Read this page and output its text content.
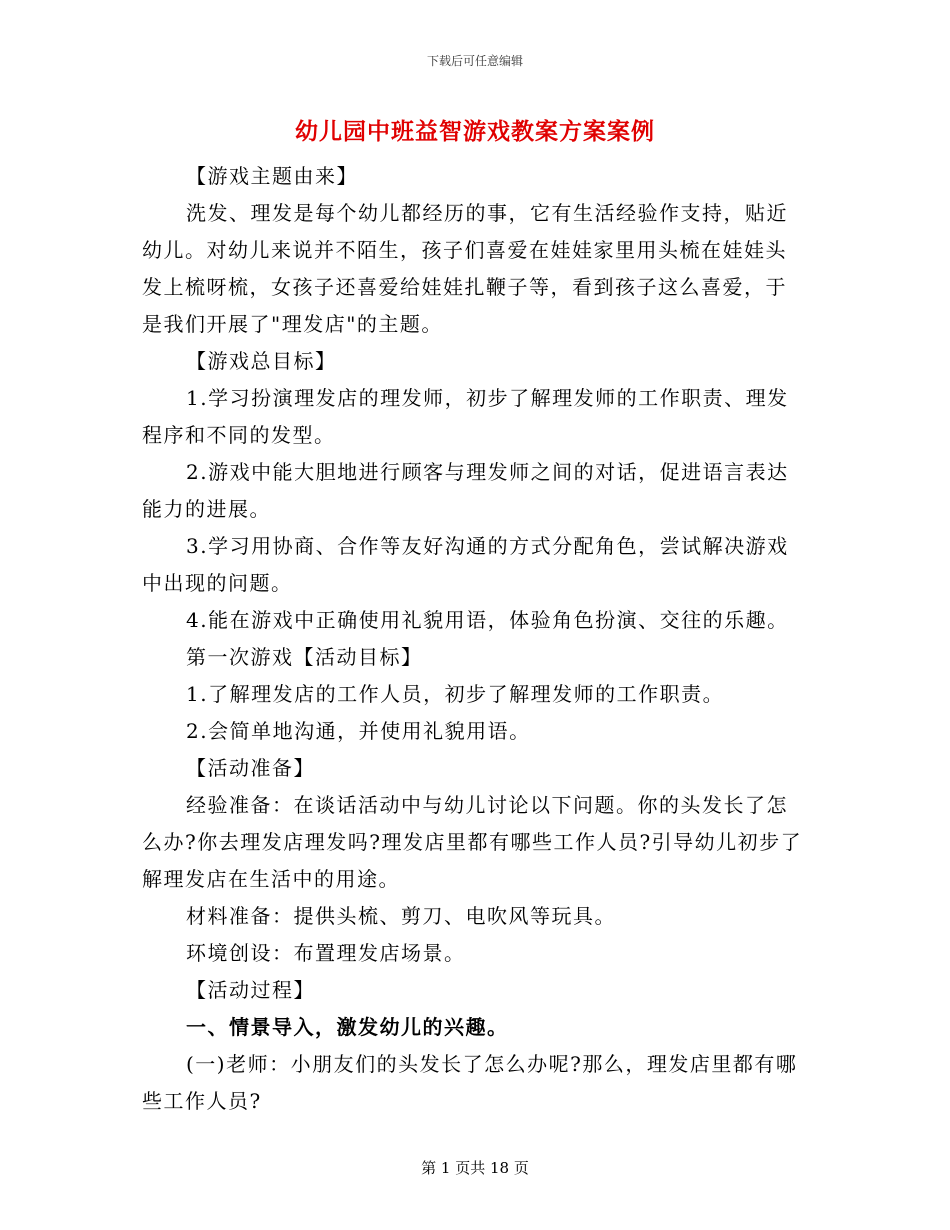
下载后可任意编辑
幼儿园中班益智游戏教案方案案例

【游戏主题由来】

洗发、理发是每个幼儿都经历的事，它有生活经验作支持，贴近幼儿。对幼儿来说并不陌生，孩子们喜爱在娃娃家里用头梳在娃娃头发上梳呀梳，女孩子还喜爱给娃娃扎鞭子等，看到孩子这么喜爱，于是我们开展了"理发店"的主题。

【游戏总目标】

1.学习扮演理发店的理发师，初步了解理发师的工作职责、理发程序和不同的发型。

2.游戏中能大胆地进行顾客与理发师之间的对话，促进语言表达能力的进展。

3.学习用协商、合作等友好沟通的方式分配角色，尝试解决游戏中出现的问题。

4.能在游戏中正确使用礼貌用语，体验角色扮演、交往的乐趣。

第一次游戏【活动目标】

1.了解理发店的工作人员，初步了解理发师的工作职责。

2.会简单地沟通，并使用礼貌用语。

【活动准备】

经验准备：在谈话活动中与幼儿讨论以下问题。你的头发长了怎么办?你去理发店理发吗?理发店里都有哪些工作人员?引导幼儿初步了解理发店在生活中的用途。

材料准备：提供头梳、剪刀、电吹风等玩具。

环境创设：布置理发店场景。

【活动过程】

一、情景导入，激发幼儿的兴趣。

(一)老师：小朋友们的头发长了怎么办呢?那么，理发店里都有哪些工作人员?

第 1 页共 18 页
